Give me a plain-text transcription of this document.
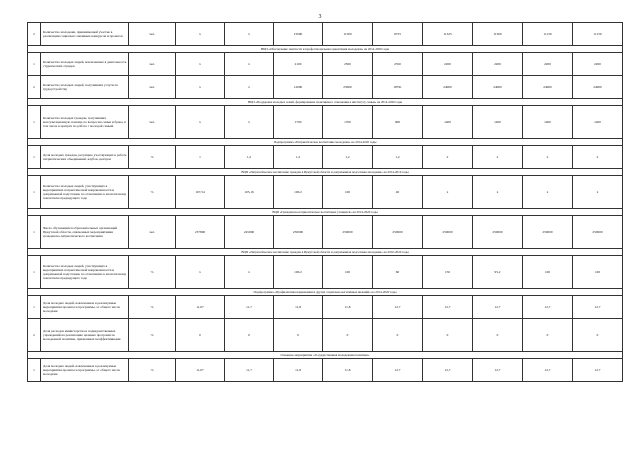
3
2	Количество молодежи, принимающей участие в реализации социально значимых конкурсов и проектов	чел.	х	х	15000	11500	9755	11325	11500	11150	11150
ВЦП «Обеспечение занятости и профессиональная ориентация молодежи» на 2014-2020 годы											
1	Количество молодых людей, вовлеченных в деятельность студенческих отрядов	чел.	х	х	2100	2500	2350	2200	2200	2200	2200
2	Количество молодых людей, получивших услуги по трудоустройству	чел.	х	х	12000	25000	18791	24000	24000	24000	24000
ВЦП «Поддержка молодых семей, формирование позитивного отношения к институту семьи» на 2014-2020 годы											
1	Количество молодых граждан, получивших консультационную помощь по вопросам семьи и брака, в том числе в центрах по работе с молодой семьей	чел.	х	х	1700	1700	900	1400	1400	1400	1400
Подпрограмма «Патриотическое воспитание молодежи» на 2014-2020 годы											
1	Доля молодых граждан, регулярно участвующих в работе патриотических объединений, клубов, центров	%	1	1,2	1,2	1,2	1,2	2	2	2	2
ВЦП «Патриотическое воспитание граждан в Иркутской области и допризывная подготовка молодежи» на 2014-2016 годы											
1	Количество молодых людей, участвующих в мероприятиях патриотической направленности и допризывной подготовки, по отношению к аналогичному показателю предыдущего года	%	107,54	105,16	100,2	100	40	х	х	х	х
ВЦП «Гражданско-патриотическое воспитание учащихся» на 2014-2020 годы											
1	Число обучающихся образовательных организаций Иркутской области, охваченных мероприятиями гражданско-патриотического воспитания	чел.	237800	245000	250000	250000	250000	250000	250000	250000	250000
ВЦП «Патриотическое воспитание граждан в Иркутской области и допризывная подготовка молодежи» на 2016-2020 годы											
1	Количество молодых людей, участвующих в мероприятиях патриотической направленности и допризывной подготовки, по отношению к аналогичному показателю предыдущего года	%	х	х	100,2	100	60	150	95,2	100	100
Подпрограмма «Профилактика наркомании и других социально-негативных явлений» на 2014-2020 годы											
1	Доля молодых людей, вовлеченных в реализуемые мероприятия проекты и программы, от общего числа молодежи	%	11,07	11,7	11,8	11,8	12,7	12,7	12,7	12,7	12,7
2	Доля расходов министерства и подведомственных учреждений на реализацию целевых программ по молодежной политике, признанных неэффективными	%	0	0	0	0	0	0	0	0	0
Основное мероприятие «Государственная молодежная политика»											
1	Доля молодых людей, вовлеченных в реализуемые мероприятия проекты и программы, от общего числа молодежи	%	11,07	11,7	11,8	11,8	12,7	12,7	12,7	12,7	12,7
